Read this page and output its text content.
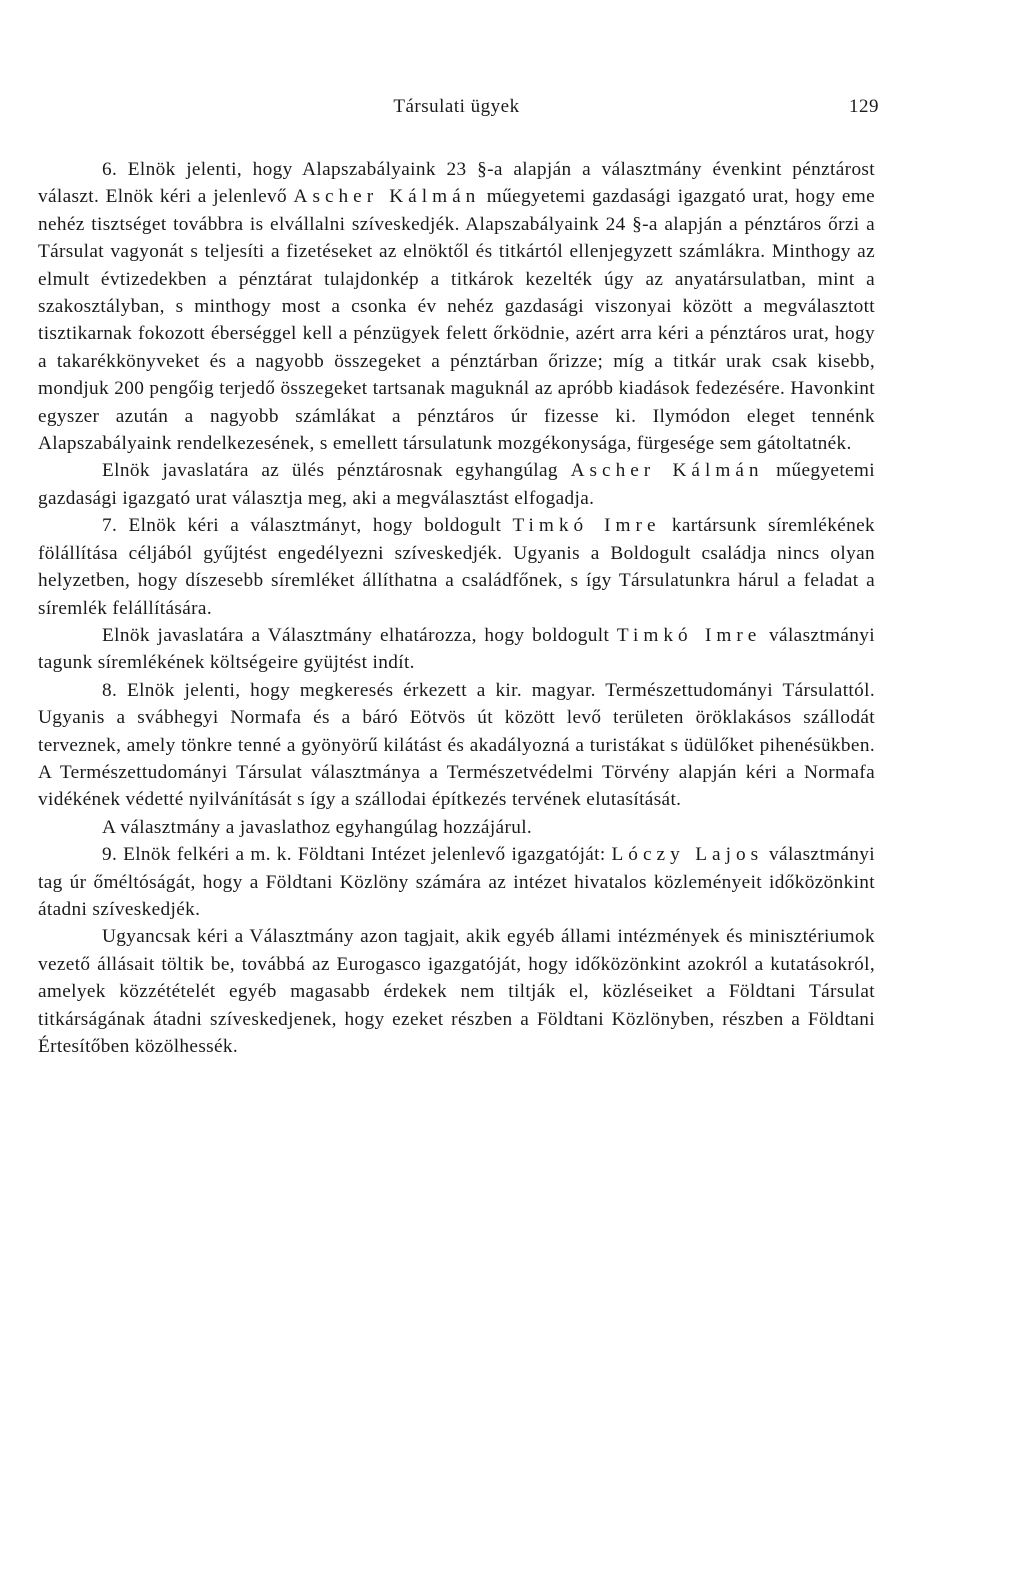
Társulati ügyek	129

6. Elnök jelenti, hogy Alapszabályaink 23 §-a alapján a választmány évenkint pénztárost választ. Elnök kéri a jelenlevő Ascher Kálmán műegyetemi gazdasági igazgató urat, hogy eme nehéz tisztséget továbbra is elvállalni szíveskedjék. Alapszabályaink 24 §-a alapján a pénztáros őrzi a Társulat vagyonát s teljesíti a fizetéseket az elnöktől és titkártól ellenjegyzett számlákra. Minthogy az elmult évtizedekben a pénztárat tulajdonkép a titkárok kezelték úgy az anyatársulatban, mint a szakosztályban, s minthogy most a csonka év nehéz gazdasági viszonyai között a megválasztott tisztikarnak fokozott éberséggel kell a pénzügyek felett őrködnie, azért arra kéri a pénztáros urat, hogy a takarékkönyveket és a nagyobb összegeket a pénztárban őrizze; míg a titkár urak csak kisebb, mondjuk 200 pengőig terjedő összegeket tartsanak maguknál az apróbb kiadások fedezésére. Havonkint egyszer azután a nagyobb számlákat a pénztáros úr fizesse ki. Ilymódon eleget tennénk Alapszabályaink rendelkezesének, s emellett társulatunk mozgékonysága, fürgesége sem gátoltatnék.

Elnök javaslatára az ülés pénztárosnak egyhangúlag Ascher Kálmán műegyetemi gazdasági igazgató urat választja meg, aki a megválasztást elfogadja.

7. Elnök kéri a választmányt, hogy boldogult Timkó Imre kartársunk síremlékének fölállítása céljából gyűjtést engedélyezni szíveskedjék. Ugyanis a Boldogult családja nincs olyan helyzetben, hogy díszesebb síremléket állíthatna a családfőnek, s így Társulatunkra hárul a feladat a síremlék felállítására.

Elnök javaslatára a Választmány elhatározza, hogy boldogult Timkó Imre választmányi tagunk síremlékének költségeire gyüjtést indít.

8. Elnök jelenti, hogy megkeresés érkezett a kir. magyar. Természettudományi Társulattól. Ugyanis a svábhegyi Normafa és a báró Eötvös út között levő területen öröklakásos szállodát terveznek, amely tönkre tenné a gyönyörű kilátást és akadályozná a turistákat s üdülőket pihenésükben. A Természettudományi Társulat választmánya a Természetvédelmi Törvény alapján kéri a Normafa vidékének védetté nyilvánítását s így a szállodai építkezés tervének elutasítását.

A választmány a javaslathoz egyhangúlag hozzájárul.

9. Elnök felkéri a m. k. Földtani Intézet jelenlevő igazgatóját: Lóczy Lajos választmányi tag úr őméltóságát, hogy a Földtani Közlöny számára az intézet hivatalos közleményeit időközönkint átadni szíveskedjék.

Ugyancsak kéri a Választmány azon tagjait, akik egyéb állami intézmények és minisztériumok vezető állásait töltik be, továbbá az Eurogasco igazgatóját, hogy időközönkint azokról a kutatásokról, amelyek közzétételét egyéb magasabb érdekek nem tiltják el, közléseiket a Földtani Társulat titkárságának átadni szíveskedjenek, hogy ezeket részben a Földtani Közlönyben, részben a Földtani Értesítőben közölhessék.
